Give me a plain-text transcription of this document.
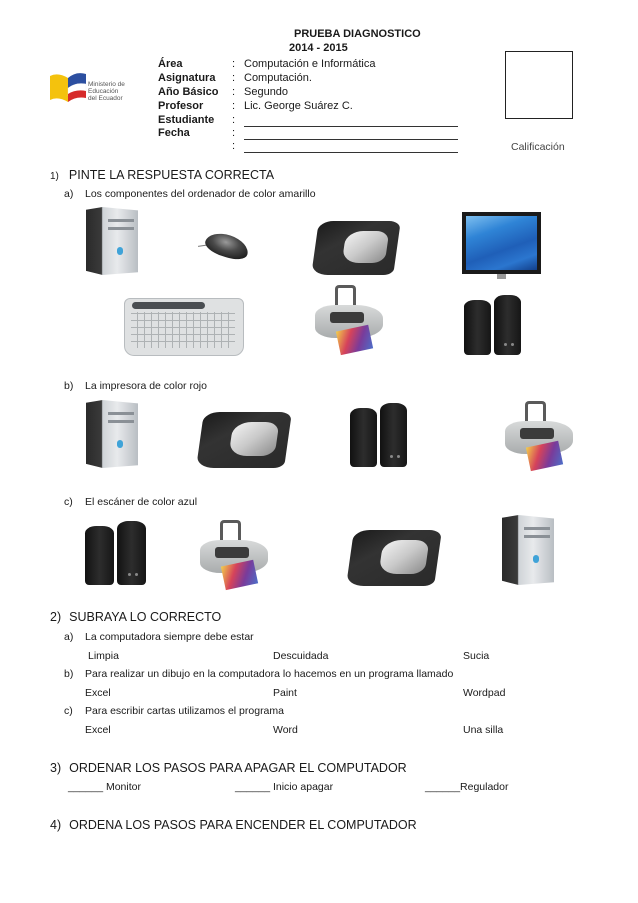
PRUEBA DIAGNOSTICO
2014 - 2015
Ministerio de
Educación
del Ecuador
Área	: Computación e Informática
Asignatura : Computación.
Año Básico : Segundo
Profesor	: Lic. George Suárez C.
Estudiante :
Fecha	:
:	Calificación
1) PINTE LA RESPUESTA CORRECTA
a) Los componentes del ordenador de color amarillo
b) La impresora de color rojo
c) El escáner de color azul
2) SUBRAYA LO CORRECTO
a) La computadora siempre debe estar
Limpia	Descuidada	Sucia
b) Para realizar un dibujo en la computadora lo hacemos en un programa llamado
Excel	Paint	Wordpad
c) Para escribir cartas utilizamos el programa
Excel	Word	Una silla
3) ORDENAR LOS PASOS PARA APAGAR EL COMPUTADOR
______ Monitor	______ Inicio apagar	______Regulador
4) ORDENA LOS PASOS PARA ENCENDER EL COMPUTADOR
